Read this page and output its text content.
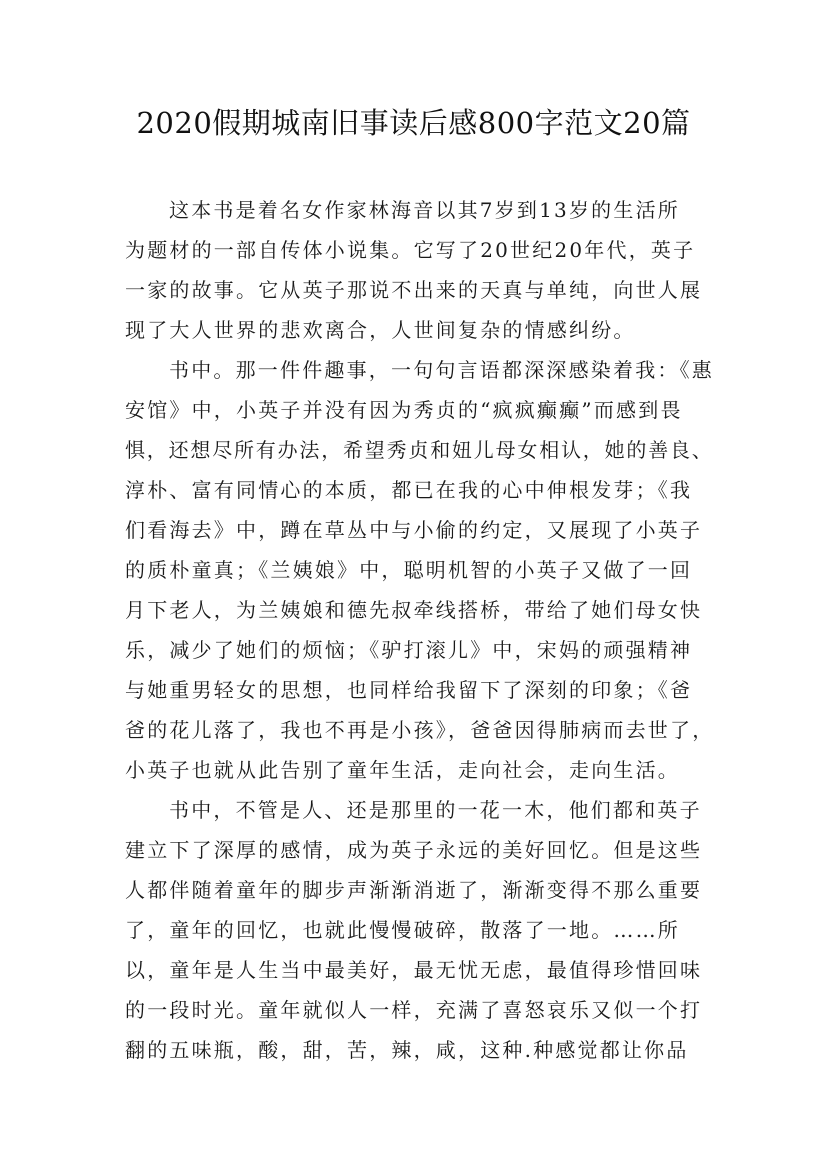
2020假期城南旧事读后感800字范文20篇
这本书是着名女作家林海音以其7岁到13岁的生活所
为题材的一部自传体小说集。它写了20世纪20年代，英子
一家的故事。它从英子那说不出来的天真与单纯，向世人展
现了大人世界的悲欢离合，人世间复杂的情感纠纷。
书中。那一件件趣事，一句句言语都深深感染着我：《惠
安馆》中，小英子并没有因为秀贞的“疯疯癫癫”而感到畏
惧，还想尽所有办法，希望秀贞和妞儿母女相认，她的善良、
淳朴、富有同情心的本质，都已在我的心中伸根发芽；《我
们看海去》中，蹲在草丛中与小偷的约定，又展现了小英子
的质朴童真；《兰姨娘》中，聪明机智的小英子又做了一回
月下老人，为兰姨娘和德先叔牵线搭桥，带给了她们母女快
乐，减少了她们的烦恼；《驴打滚儿》中，宋妈的顽强精神
与她重男轻女的思想，也同样给我留下了深刻的印象；《爸
爸的花儿落了，我也不再是小孩》，爸爸因得肺病而去世了，
小英子也就从此告别了童年生活，走向社会，走向生活。
书中，不管是人、还是那里的一花一木，他们都和英子
建立下了深厚的感情，成为英子永远的美好回忆。但是这些
人都伴随着童年的脚步声渐渐消逝了，渐渐变得不那么重要
了，童年的回忆，也就此慢慢破碎，散落了一地。……所
以，童年是人生当中最美好，最无忧无虑，最值得珍惜回味
的一段时光。童年就似人一样，充满了喜怒哀乐又似一个打
翻的五味瓶，酸，甜，苦，辣，咸，这种.种感觉都让你品
